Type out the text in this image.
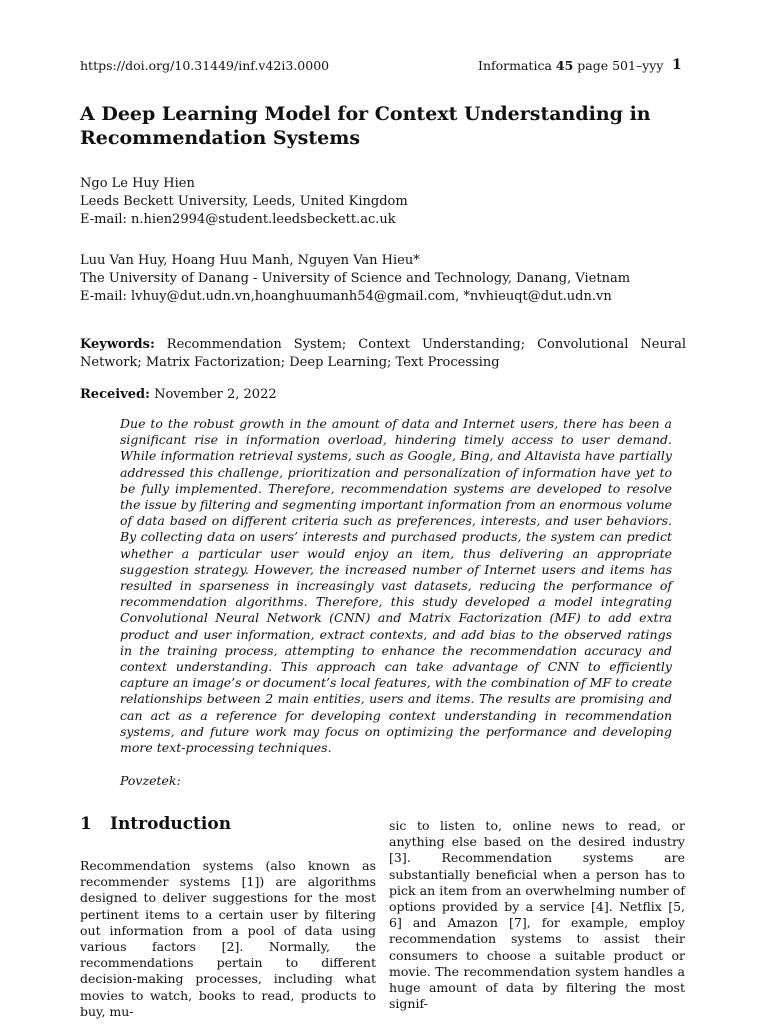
https://doi.org/10.31449/inf.v42i3.0000	Informatica 45 page 501–yyy 1
A Deep Learning Model for Context Understanding in Recommendation Systems
Ngo Le Huy Hien
Leeds Beckett University, Leeds, United Kingdom
E-mail: n.hien2994@student.leedsbeckett.ac.uk
Luu Van Huy, Hoang Huu Manh, Nguyen Van Hieu*
The University of Danang - University of Science and Technology, Danang, Vietnam
E-mail: lvhuy@dut.udn.vn,hoanghuumanh54@gmail.com, *nvhieuqt@dut.udn.vn
Keywords: Recommendation System; Context Understanding; Convolutional Neural Network; Matrix Factorization; Deep Learning; Text Processing
Received: November 2, 2022
Due to the robust growth in the amount of data and Internet users, there has been a significant rise in information overload, hindering timely access to user demand. While information retrieval systems, such as Google, Bing, and Altavista have partially addressed this challenge, prioritization and personalization of information have yet to be fully implemented. Therefore, recommendation systems are developed to resolve the issue by filtering and segmenting important information from an enormous volume of data based on different criteria such as preferences, interests, and user behaviors. By collecting data on users’ interests and purchased products, the system can predict whether a particular user would enjoy an item, thus delivering an appropriate suggestion strategy. However, the increased number of Internet users and items has resulted in sparseness in increasingly vast datasets, reducing the performance of recommendation algorithms. Therefore, this study developed a model integrating Convolutional Neural Network (CNN) and Matrix Factorization (MF) to add extra product and user information, extract contexts, and add bias to the observed ratings in the training process, attempting to enhance the recommendation accuracy and context understanding. This approach can take advantage of CNN to efficiently capture an image’s or document’s local features, with the combination of MF to create relationships between 2 main entities, users and items. The results are promising and can act as a reference for developing context understanding in recommendation systems, and future work may focus on optimizing the performance and developing more text-processing techniques.
Povzetek:
1 Introduction
Recommendation systems (also known as recommender systems [1]) are algorithms designed to deliver suggestions for the most pertinent items to a certain user by filtering out information from a pool of data using various factors [2]. Normally, the recommendations pertain to different decision-making processes, including what movies to watch, books to read, products to buy, mu-
sic to listen to, online news to read, or anything else based on the desired industry [3]. Recommendation systems are substantially beneficial when a person has to pick an item from an overwhelming number of options provided by a service [4]. Netflix [5, 6] and Amazon [7], for example, employ recommendation systems to assist their consumers to choose a suitable product or movie. The recommendation system handles a huge amount of data by filtering the most signif-
